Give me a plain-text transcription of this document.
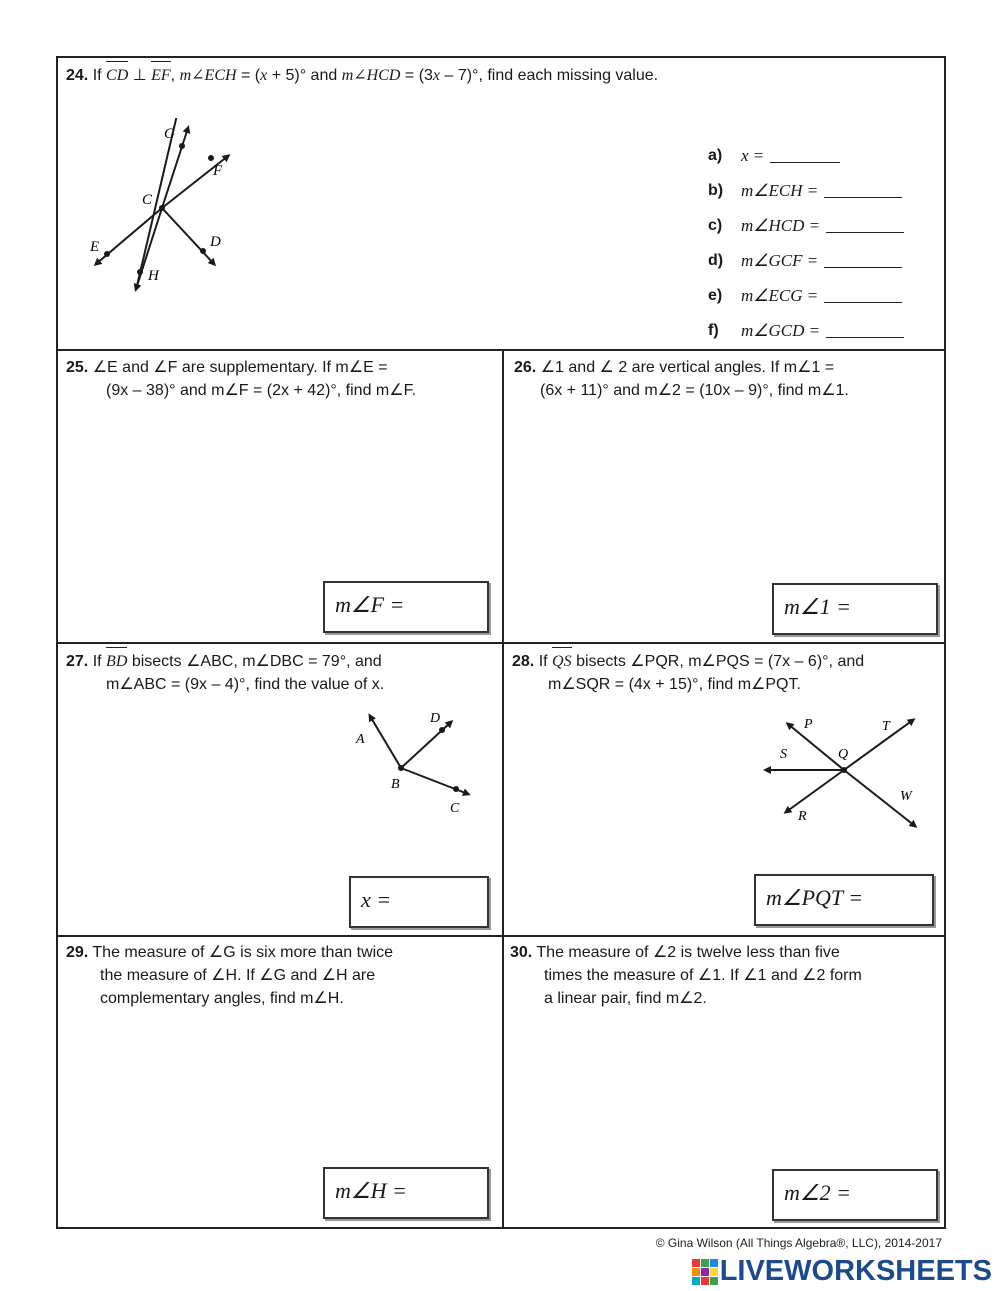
24. If CD ⊥ EF, m∠ECH = (x + 5)° and m∠HCD = (3x – 7)°, find each missing value.
G
F
C
E	D
H
a)	x =
b)	m∠ECH =
c)	m∠HCD =
d)	m∠GCF =
e)	m∠ECG =
f)	m∠GCD =
25. ∠E and ∠F are supplementary. If m∠E =
(9x – 38)° and m∠F = (2x + 42)°, find m∠F.
m∠F =
26. ∠1 and ∠ 2 are vertical angles. If m∠1 =
(6x + 11)° and m∠2 = (10x – 9)°, find m∠1.
m∠1 =
27. If BD bisects ∠ABC, m∠DBC = 79°, and
m∠ABC = (9x – 4)°, find the value of x.
A
D
B
C
x =
28. If QS bisects ∠PQR, m∠PQS = (7x – 6)°, and
m∠SQR = (4x + 15)°, find m∠PQT.
P	T
S	Q
W
R
m∠PQT =
29. The measure of ∠G is six more than twice
the measure of ∠H. If ∠G and ∠H are
complementary angles, find m∠H.
m∠H =
30. The measure of ∠2 is twelve less than five
times the measure of ∠1. If ∠1 and ∠2 form
a linear pair, find m∠2.
m∠2 =
© Gina Wilson (All Things Algebra®, LLC), 2014-2017
LIVEWORKSHEETS
